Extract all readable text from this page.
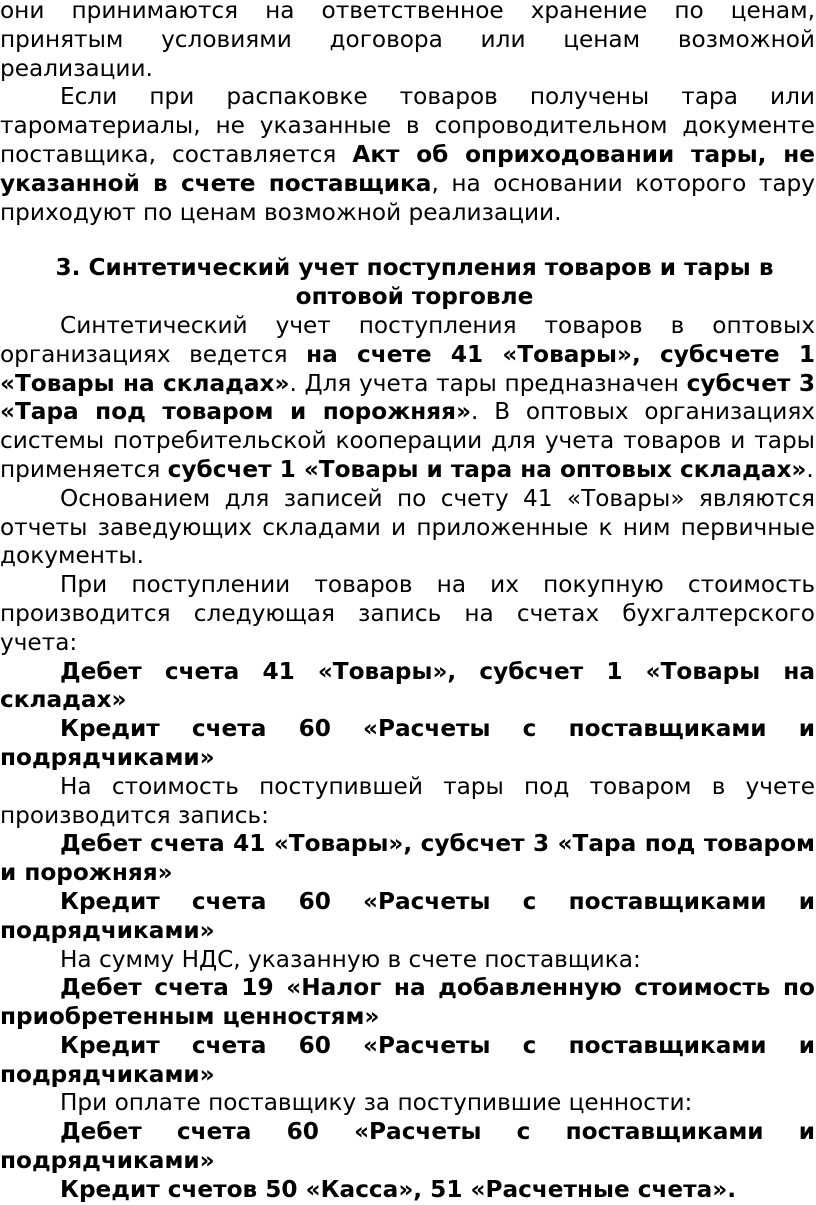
они принимаются на ответственное хранение по ценам, принятым условиями договора или ценам возможной реализации.

Если при распаковке товаров получены тара или тароматериалы, не указанные в сопроводительном документе поставщика, составляется Акт об оприходовании тары, не указанной в счете поставщика, на основании которого тару приходуют по ценам возможной реализации.

3. Синтетический учет поступления товаров и тары в оптовой торговле

Синтетический учет поступления товаров в оптовых организациях ведется на счете 41 «Товары», субсчете 1 «Товары на складах». Для учета тары предназначен субсчет 3 «Тара под товаром и порожняя». В оптовых организациях системы потребительской кооперации для учета товаров и тары применяется субсчет 1 «Товары и тара на оптовых складах».

Основанием для записей по счету 41 «Товары» являются отчеты заведующих складами и приложенные к ним первичные документы.

При поступлении товаров на их покупную стоимость производится следующая запись на счетах бухгалтерского учета:

Дебет счета 41 «Товары», субсчет 1 «Товары на складах»

Кредит счета 60 «Расчеты с поставщиками и подрядчиками»

На стоимость поступившей тары под товаром в учете производится запись:

Дебет счета 41 «Товары», субсчет 3 «Тара под товаром и порожняя»

Кредит счета 60 «Расчеты с поставщиками и подрядчиками»

На сумму НДС, указанную в счете поставщика:

Дебет счета 19 «Налог на добавленную стоимость по приобретенным ценностям»

Кредит счета 60 «Расчеты с поставщиками и подрядчиками»

При оплате поставщику за поступившие ценности:

Дебет счета 60 «Расчеты с поставщиками и подрядчиками»

Кредит счетов 50 «Касса», 51 «Расчетные счета».
